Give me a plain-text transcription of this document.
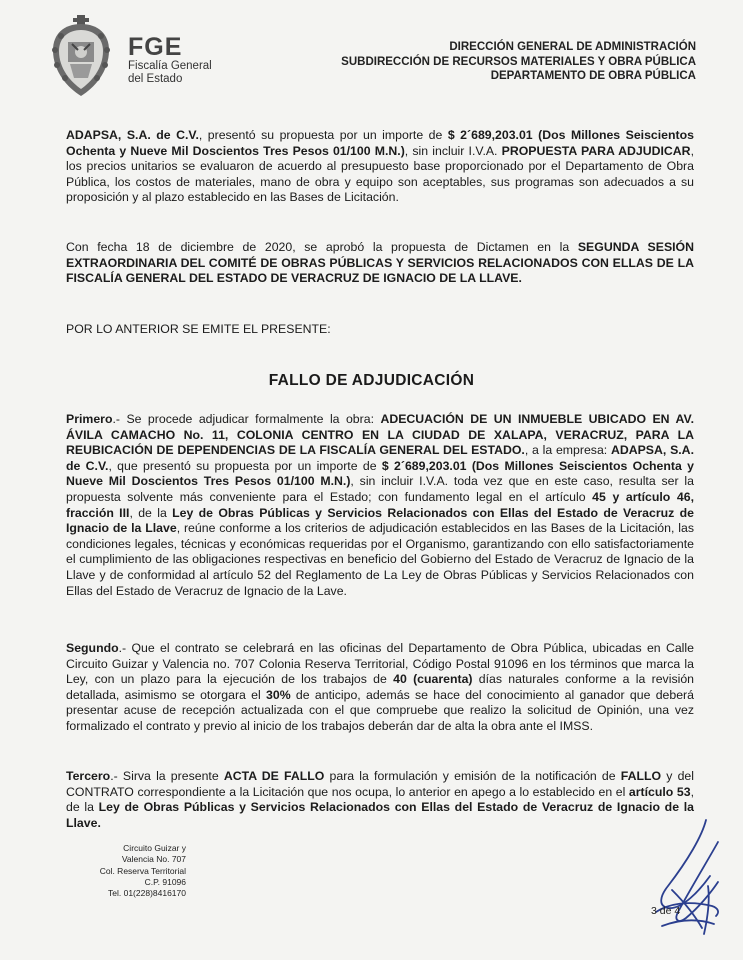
FGE
Fiscalía General
del Estado
DIRECCIÓN GENERAL DE ADMINISTRACIÓN
SUBDIRECCIÓN DE RECURSOS MATERIALES Y OBRA PÚBLICA
DEPARTAMENTO DE OBRA PÚBLICA

ADAPSA, S.A. de C.V., presentó su propuesta por un importe de $ 2´689,203.01 (Dos Millones Seiscientos Ochenta y Nueve Mil Doscientos Tres Pesos 01/100 M.N.), sin incluir I.V.A. PROPUESTA PARA ADJUDICAR, los precios unitarios se evaluaron de acuerdo al presupuesto base proporcionado por el Departamento de Obra Pública, los costos de materiales, mano de obra y equipo son aceptables, sus programas son adecuados a su proposición y al plazo establecido en las Bases de Licitación.

Con fecha 18 de diciembre de 2020, se aprobó la propuesta de Dictamen en la SEGUNDA SESIÓN EXTRAORDINARIA DEL COMITÉ DE OBRAS PÚBLICAS Y SERVICIOS RELACIONADOS CON ELLAS DE LA FISCALÍA GENERAL DEL ESTADO DE VERACRUZ DE IGNACIO DE LA LLAVE.

POR LO ANTERIOR SE EMITE EL PRESENTE:

FALLO DE ADJUDICACIÓN

Primero.- Se procede adjudicar formalmente la obra: ADECUACIÓN DE UN INMUEBLE UBICADO EN AV. ÁVILA CAMACHO No. 11, COLONIA CENTRO EN LA CIUDAD DE XALAPA, VERACRUZ, PARA LA REUBICACIÓN DE DEPENDENCIAS DE LA FISCALÍA GENERAL DEL ESTADO., a la empresa: ADAPSA, S.A. de C.V., que presentó su propuesta por un importe de $ 2´689,203.01 (Dos Millones Seiscientos Ochenta y Nueve Mil Doscientos Tres Pesos 01/100 M.N.), sin incluir I.V.A. toda vez que en este caso, resulta ser la propuesta solvente más conveniente para el Estado; con fundamento legal en el artículo 45 y artículo 46, fracción III, de la Ley de Obras Públicas y Servicios Relacionados con Ellas del Estado de Veracruz de Ignacio de la Llave, reúne conforme a los criterios de adjudicación establecidos en las Bases de la Licitación, las condiciones legales, técnicas y económicas requeridas por el Organismo, garantizando con ello satisfactoriamente el cumplimiento de las obligaciones respectivas en beneficio del Gobierno del Estado de Veracruz de Ignacio de la Llave y de conformidad al artículo 52 del Reglamento de La Ley de Obras Públicas y Servicios Relacionados con Ellas del Estado de Veracruz de Ignacio de la Lave.

Segundo.- Que el contrato se celebrará en las oficinas del Departamento de Obra Pública, ubicadas en Calle Circuito Guizar y Valencia no. 707 Colonia Reserva Territorial, Código Postal 91096 en los términos que marca la Ley, con un plazo para la ejecución de los trabajos de 40 (cuarenta) días naturales conforme a la revisión detallada, asimismo se otorgara el 30% de anticipo, además se hace del conocimiento al ganador que deberá presentar acuse de recepción actualizada con el que compruebe que realizo la solicitud de Opinión, una vez formalizado el contrato y previo al inicio de los trabajos deberán dar de alta la obra ante el IMSS.

Tercero.- Sirva la presente ACTA DE FALLO para la formulación y emisión de la notificación de FALLO y del CONTRATO correspondiente a la Licitación que nos ocupa, lo anterior en apego a lo establecido en el artículo 53, de la Ley de Obras Públicas y Servicios Relacionados con Ellas del Estado de Veracruz de Ignacio de la Llave.

Circuito Guizar y
Valencia No. 707
Col. Reserva Territorial
C.P. 91096
Tel. 01(228)8416170
3 de 4
